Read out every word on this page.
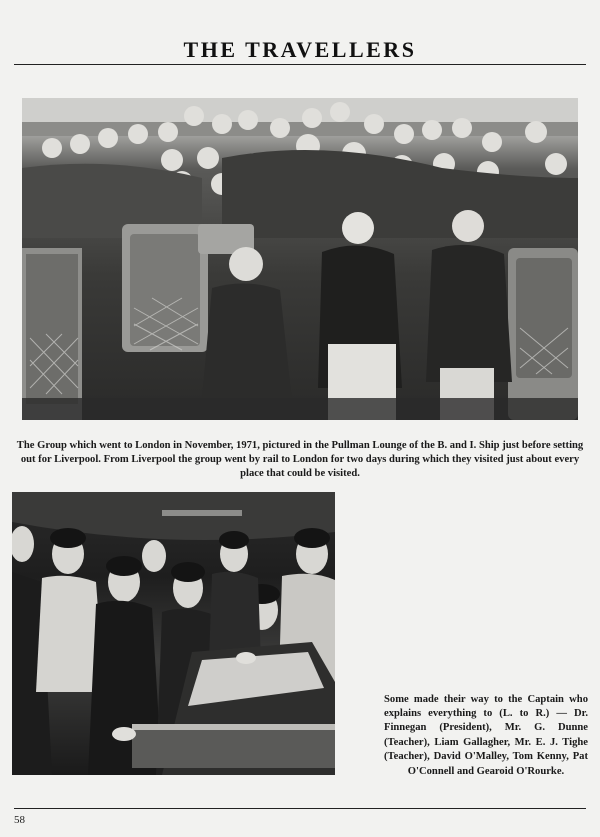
THE TRAVELLERS

The Group which went to London in November, 1971, pictured in the Pullman Lounge of the B. and I. Ship just before setting out for Liverpool. From Liverpool the group went by rail to London for two days during which they visited just about every place that could be visited.

Some made their way to the Captain who explains everything to (L. to R.) — Dr. Finnegan (President), Mr. G. Dunne (Teacher), Liam Gallagher, Mr. E. J. Tighe (Teacher), David O'Malley, Tom Kenny, Pat O'Connell and Gearoid O'Rourke.

58
